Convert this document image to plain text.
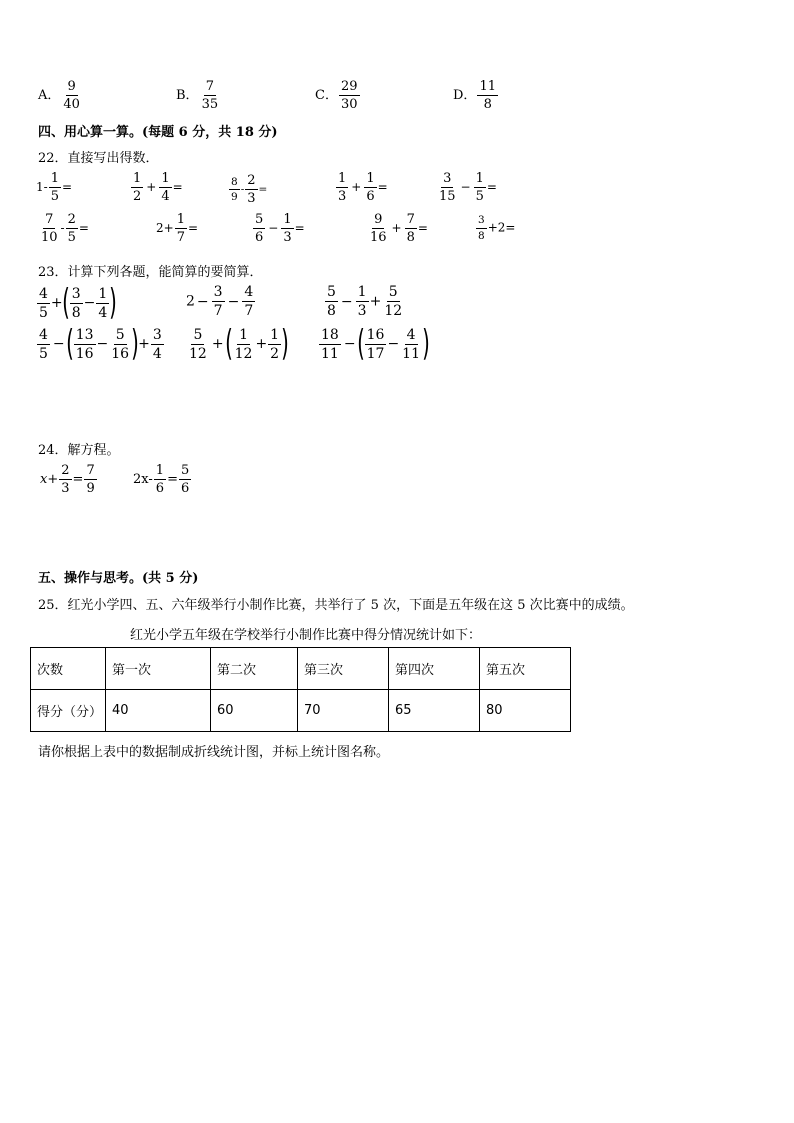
A． $\frac{9}{40}$	B． $\frac{7}{35}$	C． $\frac{29}{30}$	D． $\frac{11}{8}$
四、用心算一算。(每题 6 分，共 18 分)
22．直接写出得数．
$1- \frac{1}{5}$ =	$\frac{1}{2} + \frac{1}{4}$ =	$\frac{8}{9} - \frac{2}{3}$ =	$\frac{1}{3} + \frac{1}{6}$ =	$\frac{3}{15} - \frac{1}{5}$ =
$\frac{7}{10} - \frac{2}{5}$ =	$2+ \frac{1}{7}$ =	$\frac{5}{6} - \frac{1}{3}$ =	$\frac{9}{16} + \frac{7}{8}$ =	$\frac{3}{8} +2=$
23．计算下列各题，能简算的要简算．
$\frac{4}{5}$ +( $\frac{3}{8} - \frac{1}{4}$ )	$2 - \frac{3}{7} - \frac{4}{7}$	$\frac{5}{8} - \frac{1}{3} + \frac{5}{12}$
$\frac{4}{5}$ −( $\frac{13}{16} - \frac{5}{16}$ )+ $\frac{3}{4} \frac{5}{12}$ +( $\frac{1}{12} + \frac{1}{2}$ ) $\frac{18}{11}$ −( $\frac{16}{17} - \frac{4}{11}$ )
24．解方程。
$x+ \frac{2}{3} = \frac{7}{9}$	$2x- \frac{1}{6} = \frac{5}{6}$
五、操作与思考。(共 5 分)
25．红光小学四、五、六年级举行小制作比赛，共举行了 5 次，下面是五年级在这 5 次比赛中的成绩。
红光小学五年级在学校举行小制作比赛中得分情况统计如下：
次数	第一次	第二次	第三次	第四次	第五次
得分（分）	40	60	70	65	80
请你根据上表中的数据制成折线统计图，并标上统计图名称。
